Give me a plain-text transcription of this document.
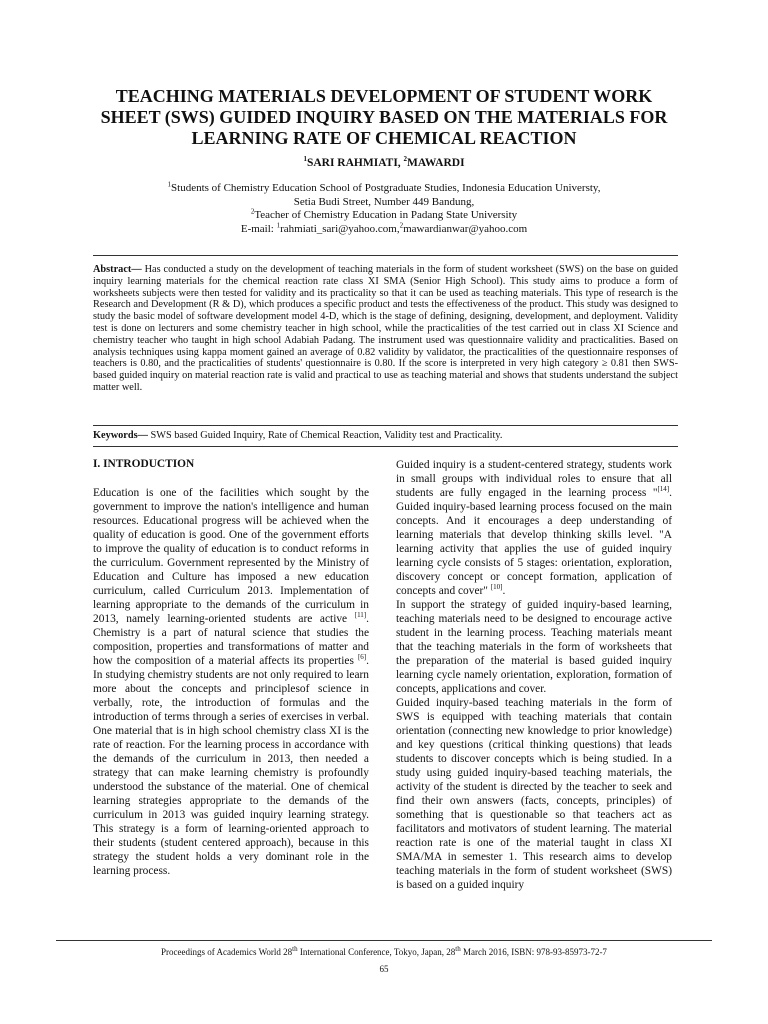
TEACHING MATERIALS DEVELOPMENT OF STUDENT WORK
SHEET (SWS) GUIDED INQUIRY BASED ON THE MATERIALS FOR
LEARNING RATE OF CHEMICAL REACTION

$^1$SARI RAHMIATI, $^2$MAWARDI

$^1$Students of Chemistry Education School of Postgraduate Studies, Indonesia Education Universty,
Setia Budi Street, Number 449 Bandung,
$^2$Teacher of Chemistry Education in Padang State University
E-mail: $^1$rahmiati_sari@yahoo.com,$^2$mawardianwar@yahoo.com

Abstract— Has conducted a study on the development of teaching materials in the form of student worksheet (SWS) on the base on guided inquiry learning materials for the chemical reaction rate class XI SMA (Senior High School). This study aims to produce a form of worksheets subjects were then tested for validity and its practicality so that it can be used as teaching materials. This type of research is the Research and Development (R & D), which produces a specific product and tests the effectiveness of the product. This study was designed to study the basic model of software development model 4-D, which is the stage of defining, designing, development, and deployment. Validity test is done on lecturers and some chemistry teacher in high school, while the practicalities of the test carried out in class XI Science and chemistry teacher who taught in high school Adabiah Padang. The instrument used was questionnaire validity and practicalities. Based on analysis techniques using kappa moment gained an average of 0.82 validity by validator, the practicalities of the questionnaire responses of teachers is 0.80, and the practicalities of students' questionnaire is 0.80. If the score is interpreted in very high category ≥ 0.81 then SWS-based guided inquiry on material reaction rate is valid and practical to use as teaching material and shows that students understand the subject matter well.

Keywords— SWS based Guided Inquiry, Rate of Chemical Reaction, Validity test and Practicality.

I. INTRODUCTION

Education is one of the facilities which sought by the government to improve the nation's intelligence and human resources. Educational progress will be achieved when the quality of education is good. One of the government efforts to improve the quality of education is to conduct reforms in the curriculum. Government represented by the Ministry of Education and Culture has imposed a new education curriculum, called Curriculum 2013. Implementation of learning appropriate to the demands of the curriculum in 2013, namely learning-oriented students are active [11]. Chemistry is a part of natural science that studies the composition, properties and transformations of matter and how the composition of a material affects its properties [6]. In studying chemistry students are not only required to learn more about the concepts and principlesof science in verbally, rote, the introduction of formulas and the introduction of terms through a series of exercises in verbal. One material that is in high school chemistry class XI is the rate of reaction. For the learning process in accordance with the demands of the curriculum in 2013, then needed a strategy that can make learning chemistry is profoundly understood the substance of the material. One of chemical learning strategies appropriate to the demands of the curriculum in 2013 was guided inquiry learning strategy. This strategy is a form of learning-oriented approach to their students (student centered approach), because in this strategy the student holds a very dominant role in the learning process.

Guided inquiry is a student-centered strategy, students work in small groups with individual roles to ensure that all students are fully engaged in the learning process "[14]. Guided inquiry-based learning process focused on the main concepts. And it encourages a deep understanding of learning materials that develop thinking skills level. "A learning activity that applies the use of guided inquiry learning cycle consists of 5 stages: orientation, exploration, discovery concept or concept formation, application of concepts and cover" [10].

In support the strategy of guided inquiry-based learning, teaching materials need to be designed to encourage active student in the learning process. Teaching materials meant that the teaching materials in the form of worksheets that the preparation of the material is based guided inquiry learning cycle namely orientation, exploration, formation of concepts, applications and cover.

Guided inquiry-based teaching materials in the form of SWS is equipped with teaching materials that contain orientation (connecting new knowledge to prior knowledge) and key questions (critical thinking questions) that leads students to discover concepts which is being studied. In a study using guided inquiry-based teaching materials, the activity of the student is directed by the teacher to seek and find their own answers (facts, concepts, principles) of something that is questionable so that teachers act as facilitators and motivators of student learning. The material reaction rate is one of the material taught in class XI SMA/MA in semester 1. This research aims to develop teaching materials in the form of student worksheet (SWS) is based on a guided inquiry

Proceedings of Academics World 28th International Conference, Tokyo, Japan, 28th March 2016, ISBN: 978-93-85973-72-7

65
